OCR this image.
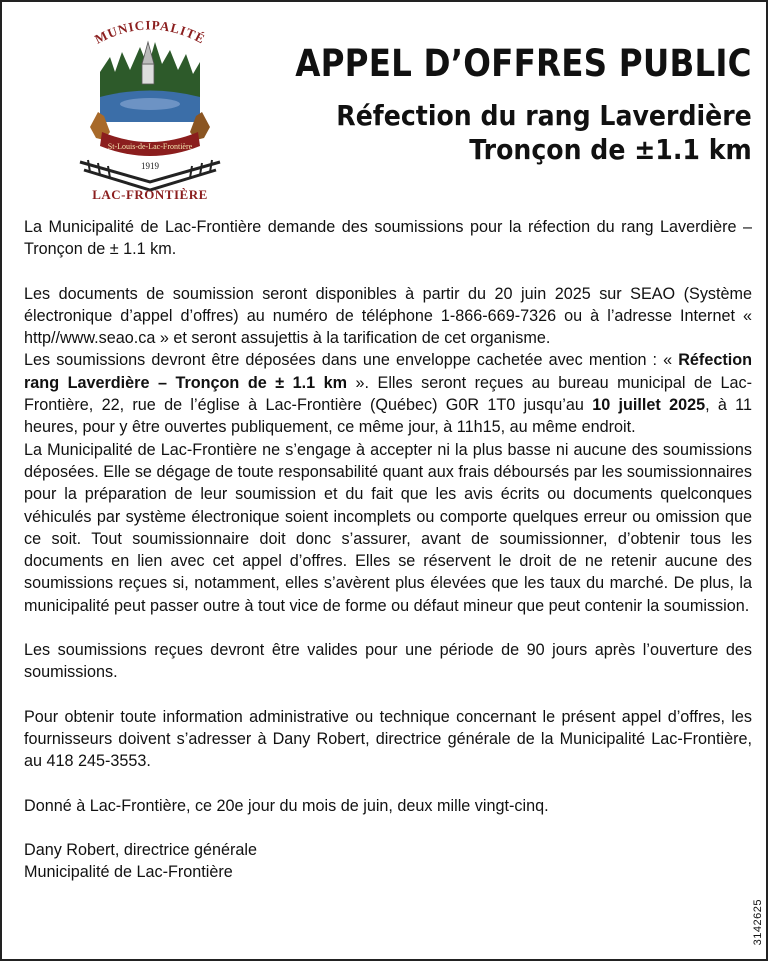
MUNICIPALITÉ
St-Louis-de-Lac-Frontière
1919
LAC-FRONTIÈRE
APPEL D’OFFRES PUBLIC
Réfection du rang Laverdière
Tronçon de ±1.1 km

La Municipalité de Lac-Frontière demande des soumissions pour la réfection du rang Laverdière – Tronçon de ± 1.1 km.

Les documents de soumission seront disponibles à partir du 20 juin 2025 sur SEAO (Système électronique d’appel d’offres) au numéro de téléphone 1-866-669-7326 ou à l’adresse Internet « http//www.seao.ca » et seront assujettis à la tarification de cet organisme.

Les soumissions devront être déposées dans une enveloppe cachetée avec mention : « Réfection rang Laverdière – Tronçon de ± 1.1 km ». Elles seront reçues au bureau municipal de Lac-Frontière, 22, rue de l’église à Lac-Frontière (Québec) G0R 1T0 jusqu’au 10 juillet 2025, à 11 heures, pour y être ouvertes publiquement, ce même jour, à 11h15, au même endroit.

La Municipalité de Lac-Frontière ne s’engage à accepter ni la plus basse ni aucune des soumissions déposées. Elle se dégage de toute responsabilité quant aux frais déboursés par les soumissionnaires pour la préparation de leur soumission et du fait que les avis écrits ou documents quelconques véhiculés par système électronique soient incomplets ou comporte quelques erreur ou omission que ce soit. Tout soumissionnaire doit donc s’assurer, avant de soumissionner, d’obtenir tous les documents en lien avec cet appel d’offres. Elles se réservent le droit de ne retenir aucune des soumissions reçues si, notamment, elles s’avèrent plus élevées que les taux du marché. De plus, la municipalité peut passer outre à tout vice de forme ou défaut mineur que peut contenir la soumission.

Les soumissions reçues devront être valides pour une période de 90 jours après l’ouverture des soumissions.

Pour obtenir toute information administrative ou technique concernant le présent appel d’offres, les fournisseurs doivent s’adresser à Dany Robert, directrice générale de la Municipalité Lac-Frontière, au 418 245-3553.

Donné à Lac-Frontière, ce 20e jour du mois de juin, deux mille vingt-cinq.

Dany Robert, directrice générale

Municipalité de Lac-Frontière

3142625
